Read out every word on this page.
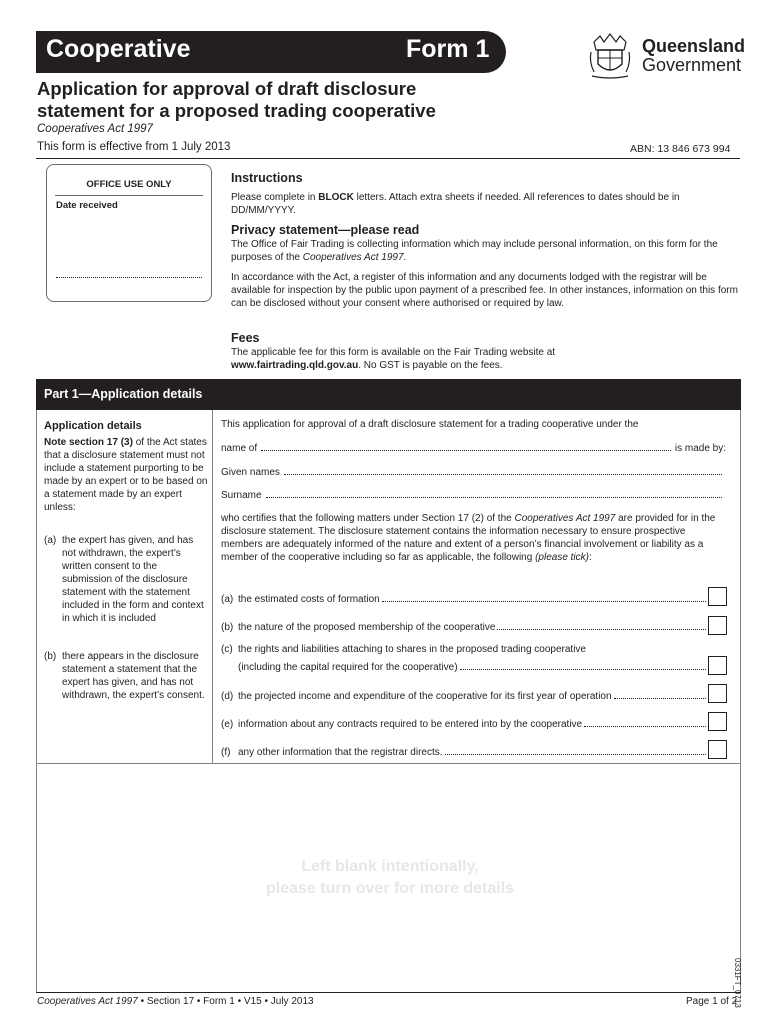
Cooperative	Form 1	Queensland
Government
Application for approval of draft disclosure
statement for a proposed trading cooperative
Cooperatives Act 1997
This form is effective from 1 July 2013	ABN: 13 846 673 994
OFFICE USE ONLY
Date received
Instructions
Please complete in BLOCK letters. Attach extra sheets if needed. All references to dates should be in DD/MM/YYYY.
Privacy statement—please read
The Office of Fair Trading is collecting information which may include personal information, on this form for the purposes of the Cooperatives Act 1997.
In accordance with the Act, a register of this information and any documents lodged with the registrar will be available for inspection by the public upon payment of a prescribed fee. In other instances, information on this form can be disclosed without your consent where authorised or required by law.
Fees
The applicable fee for this form is available on the Fair Trading website at
www.fairtrading.qld.gov.au. No GST is payable on the fees.
Part 1—Application details
Application details
Note section 17 (3) of the Act states that a disclosure statement must not include a statement purporting to be made by an expert or to be based on a statement made by an expert unless:
(a) the expert has given, and has not withdrawn, the expert’s written consent to the submission of the disclosure statement with the statement included in the form and context in which it is included
(b) there appears in the disclosure statement a statement that the expert has given, and has not withdrawn, the expert’s consent.
This application for approval of a draft disclosure statement for a trading cooperative under the
name of	is made by:
Given names
Surname
who certifies that the following matters under Section 17 (2) of the Cooperatives Act 1997 are provided for in the disclosure statement. The disclosure statement contains the information necessary to ensure prospective members are adequately informed of the nature and extent of a person’s financial involvement or liability as a member of the cooperative including so far as applicable, the following (please tick):
(a) the estimated costs of formation
(b) the nature of the proposed membership of the cooperative
(c) the rights and liabilities attaching to shares in the proposed trading cooperative
(including the capital required for the cooperative)
(d) the projected income and expenditure of the cooperative for its first year of operation
(e) information about any contracts required to be entered into by the cooperative
(f) any other information that the registrar directs.
Left blank intentionally,
please turn over for more details
0331FT_0713
Cooperatives Act 1997 • Section 17 • Form 1 • V15 • July 2013	Page 1 of 2
